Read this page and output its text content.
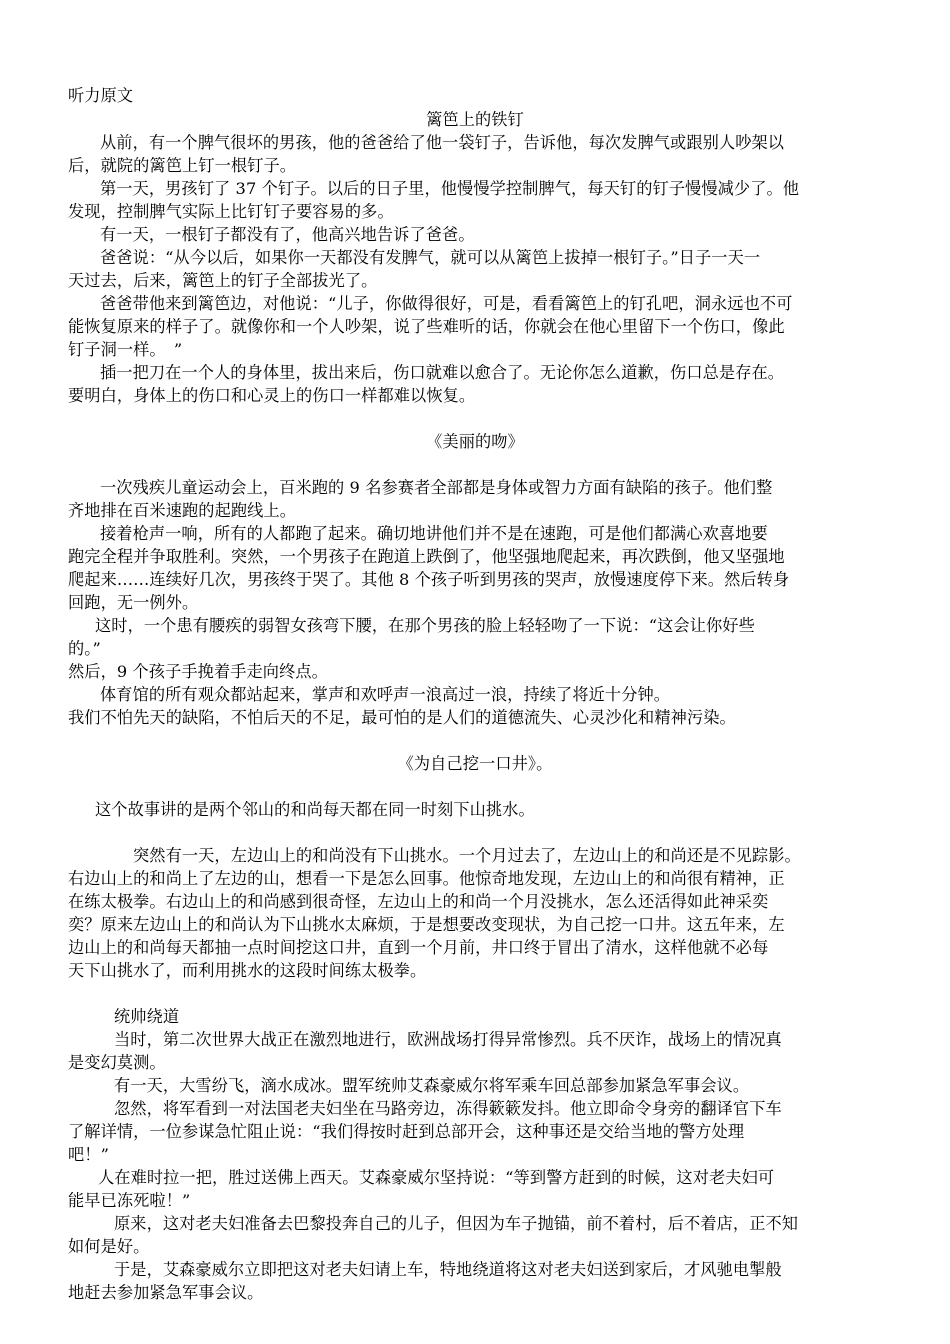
听力原文
篱笆上的铁钉
从前，有一个脾气很坏的男孩，他的爸爸给了他一袋钉子，告诉他，每次发脾气或跟别人吵架以
后，就院的篱笆上钉一根钉子。
第一天，男孩钉了 37 个钉子。以后的日子里，他慢慢学控制脾气，每天钉的钉子慢慢减少了。他
发现，控制脾气实际上比钉钉子要容易的多。
有一天，一根钉子都没有了，他高兴地告诉了爸爸。
爸爸说：“从今以后，如果你一天都没有发脾气，就可以从篱笆上拔掉一根钉子。”日子一天一
天过去，后来，篱笆上的钉子全部拔光了。
爸爸带他来到篱笆边，对他说：“儿子，你做得很好，可是，看看篱笆上的钉孔吧，洞永远也不可
能恢复原来的样子了。就像你和一个人吵架，说了些难听的话，你就会在他心里留下一个伤口，像此
钉子洞一样。　”
插一把刀在一个人的身体里，拔出来后，伤口就难以愈合了。无论你怎么道歉，伤口总是存在。
要明白，身体上的伤口和心灵上的伤口一样都难以恢复。
《美丽的吻》
一次残疾儿童运动会上，百米跑的 9 名参赛者全部都是身体或智力方面有缺陷的孩子。他们整
齐地排在百米速跑的起跑线上。
接着枪声一响，所有的人都跑了起来。确切地讲他们并不是在速跑，可是他们都满心欢喜地要
跑完全程并争取胜利。突然，一个男孩子在跑道上跌倒了，他坚强地爬起来，再次跌倒，他又坚强地
爬起来……连续好几次，男孩终于哭了。其他 8 个孩子听到男孩的哭声，放慢速度停下来。然后转身
回跑，无一例外。
这时，一个患有腰疾的弱智女孩弯下腰，在那个男孩的脸上轻轻吻了一下说：“这会让你好些
的。”
然后，9 个孩子手挽着手走向终点。
体育馆的所有观众都站起来，掌声和欢呼声一浪高过一浪，持续了将近十分钟。
我们不怕先天的缺陷，不怕后天的不足，最可怕的是人们的道德流失、心灵沙化和精神污染。
《为自己挖一口井》。
这个故事讲的是两个邻山的和尚每天都在同一时刻下山挑水。
突然有一天，左边山上的和尚没有下山挑水。一个月过去了，左边山上的和尚还是不见踪影。
右边山上的和尚上了左边的山，想看一下是怎么回事。他惊奇地发现，左边山上的和尚很有精神，正
在练太极拳。右边山上的和尚感到很奇怪，左边山上的和尚一个月没挑水，怎么还活得如此神采奕
奕？原来左边山上的和尚认为下山挑水太麻烦，于是想要改变现状，为自己挖一口井。这五年来，左
边山上的和尚每天都抽一点时间挖这口井，直到一个月前，井口终于冒出了清水，这样他就不必每
天下山挑水了，而利用挑水的这段时间练太极拳。
统帅绕道
当时，第二次世界大战正在激烈地进行，欧洲战场打得异常惨烈。兵不厌诈，战场上的情况真
是变幻莫测。
有一天，大雪纷飞，滴水成冰。盟军统帅艾森豪威尔将军乘车回总部参加紧急军事会议。
忽然，将军看到一对法国老夫妇坐在马路旁边，冻得簌簌发抖。他立即命令身旁的翻译官下车
了解详情，一位参谋急忙阻止说：“我们得按时赶到总部开会，这种事还是交给当地的警方处理
吧！”
人在难时拉一把，胜过送佛上西天。艾森豪威尔坚持说：“等到警方赶到的时候，这对老夫妇可
能早已冻死啦！”
原来，这对老夫妇准备去巴黎投奔自己的儿子，但因为车子抛锚，前不着村，后不着店，正不知
如何是好。
于是，艾森豪威尔立即把这对老夫妇请上车，特地绕道将这对老夫妇送到家后，才风驰电掣般
地赶去参加紧急军事会议。
